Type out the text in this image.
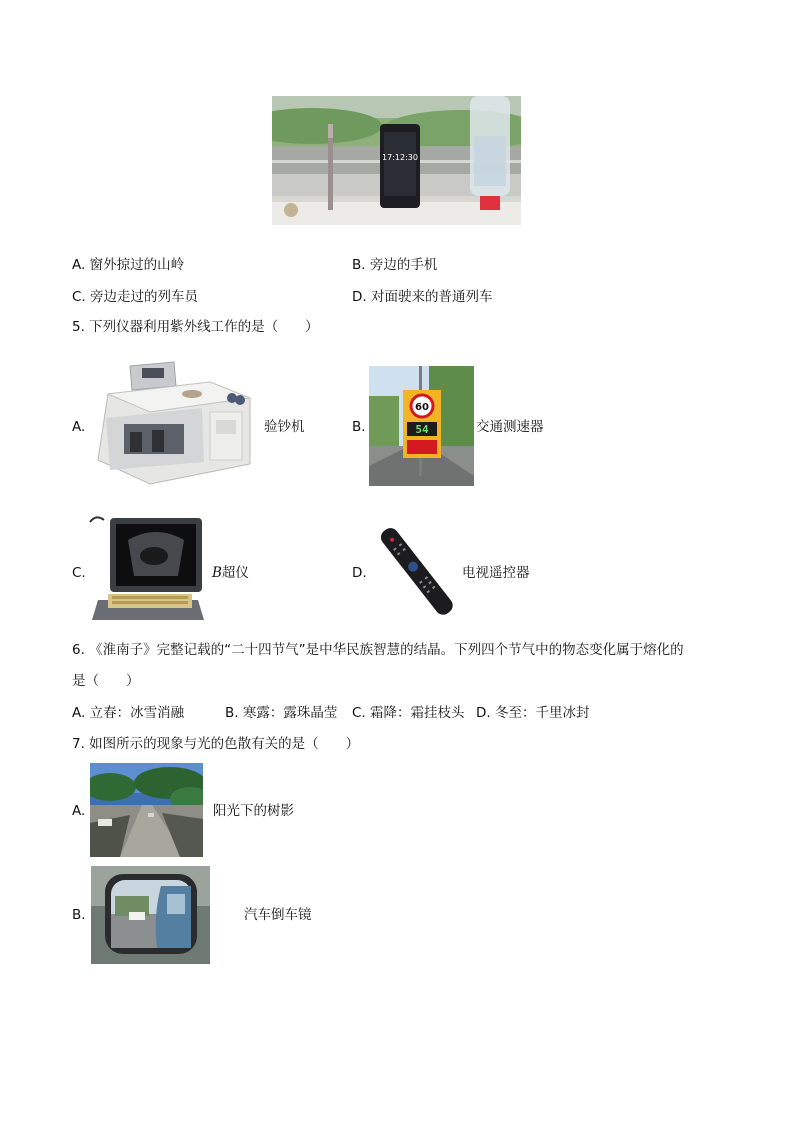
17:12:30
A. 窗外掠过的山岭	B. 旁边的手机
C. 旁边走过的列车员	D. 对面驶来的普通列车
5. 下列仪器利用紫外线工作的是（　　）
A.	验钞机	B.
60
54	交通测速器
C.	B超仪	D.	电视遥控器
6. 《淮南子》完整记载的“二十四节气”是中华民族智慧的结晶。下列四个节气中的物态变化属于熔化的
是（　　）
A. 立春：冰雪消融	B. 寒露：露珠晶莹 C. 霜降：霜挂枝头 D. 冬至：千里冰封
7. 如图所示的现象与光的色散有关的是（　　）
A.	阳光下的树影
B.	汽车倒车镜
